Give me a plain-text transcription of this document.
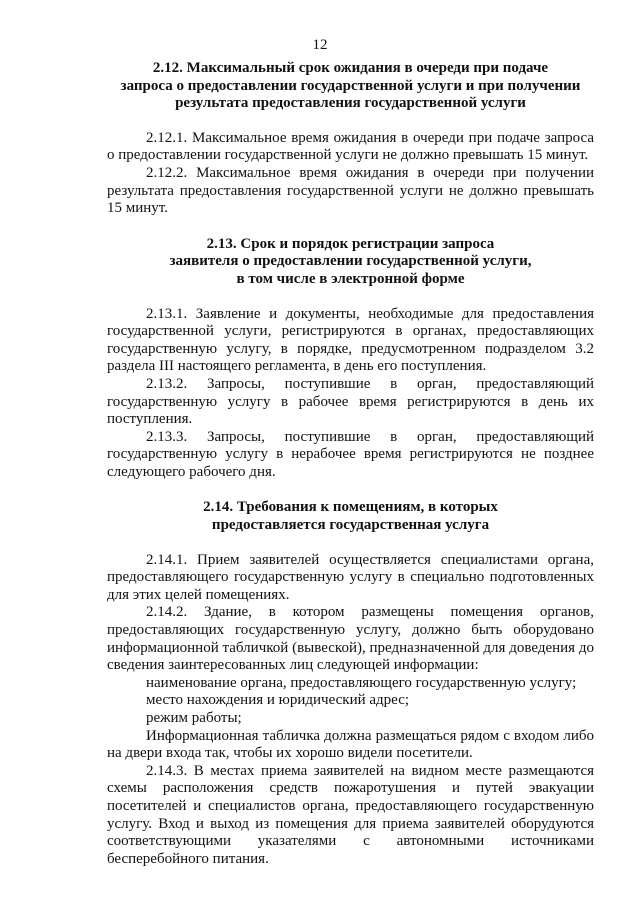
12
2.12. Максимальный срок ожидания в очереди при подаче
запроса о предоставлении государственной услуги и при получении
результата предоставления государственной услуги

2.12.1. Максимальное время ожидания в очереди при подаче запроса о предоставлении государственной услуги не должно превышать 15 минут.

2.12.2. Максимальное время ожидания в очереди при получении результата предоставления государственной услуги не должно превышать 15 минут.

2.13. Срок и порядок регистрации запроса
заявителя о предоставлении государственной услуги,
в том числе в электронной форме

2.13.1. Заявление и документы, необходимые для предоставления государственной услуги, регистрируются в органах, предоставляющих государственную услугу, в порядке, предусмотренном подразделом 3.2 раздела III настоящего регламента, в день его поступления.

2.13.2. Запросы, поступившие в орган, предоставляющий государственную услугу в рабочее время регистрируются в день их поступления.

2.13.3. Запросы, поступившие в орган, предоставляющий государственную услугу в нерабочее время регистрируются не позднее следующего рабочего дня.

2.14. Требования к помещениям, в которых
предоставляется государственная услуга

2.14.1. Прием заявителей осуществляется специалистами органа, предоставляющего государственную услугу в специально подготовленных для этих целей помещениях.

2.14.2. Здание, в котором размещены помещения органов, предоставляющих государственную услугу, должно быть оборудовано информационной табличкой (вывеской), предназначенной для доведения до сведения заинтересованных лиц следующей информации:

наименование органа, предоставляющего государственную услугу;

место нахождения и юридический адрес;

режим работы;

Информационная табличка должна размещаться рядом с входом либо на двери входа так, чтобы их хорошо видели посетители.

2.14.3. В местах приема заявителей на видном месте размещаются схемы расположения средств пожаротушения и путей эвакуации посетителей и специалистов органа, предоставляющего государственную услугу. Вход и выход из помещения для приема заявителей оборудуются соответствующими указателями с автономными источниками бесперебойного питания.
